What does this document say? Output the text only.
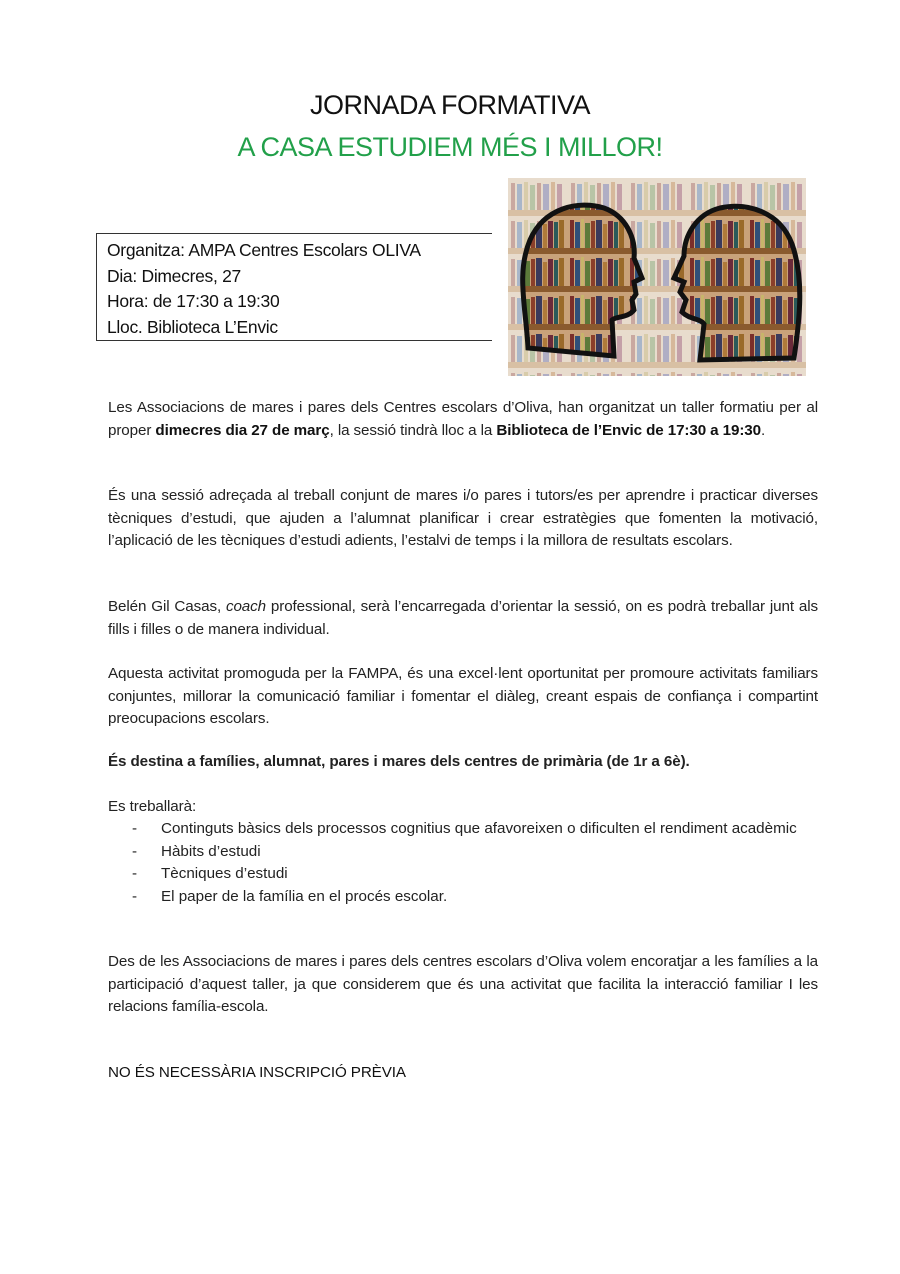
JORNADA FORMATIVA
A CASA ESTUDIEM MÉS I MILLOR!
Organitza: AMPA Centres Escolars OLIVA
Dia: Dimecres, 27
Hora: de 17:30 a 19:30
Lloc. Biblioteca L’Envic
Les Associacions de mares i pares dels Centres escolars d’Oliva, han organitzat un taller formatiu per al proper dimecres dia 27 de març, la sessió tindrà lloc a la Biblioteca de l’Envic de 17:30 a 19:30.
És una sessió adreçada al treball conjunt de mares i/o pares i tutors/es per aprendre i practicar diverses tècniques d’estudi, que ajuden a l’alumnat planificar i crear estratègies que fomenten la motivació, l’aplicació de les tècniques d’estudi adients, l’estalvi de temps i la millora de resultats escolars.
Belén Gil Casas, coach professional, serà l’encarregada d’orientar la sessió, on es podrà treballar junt als fills i filles o de manera individual.
Aquesta activitat promoguda per la FAMPA, és una excel·lent oportunitat per promoure activitats familiars conjuntes, millorar la comunicació familiar i fomentar el diàleg, creant espais de confiança i compartint preocupacions escolars.
És destina a famílies, alumnat, pares i mares dels centres de primària (de 1r a 6è).
Es treballarà:
- Continguts bàsics dels processos cognitius que afavoreixen o dificulten el rendiment acadèmic
- Hàbits d’estudi
- Tècniques d’estudi
- El paper de la família en el procés escolar.
Des de les Associacions de mares i pares dels centres escolars d’Oliva volem encoratjar a les famílies a la participació d’aquest taller, ja que considerem que és una activitat que facilita la interacció familiar I les relacions família-escola.
NO ÉS NECESSÀRIA INSCRIPCIÓ PRÈVIA
